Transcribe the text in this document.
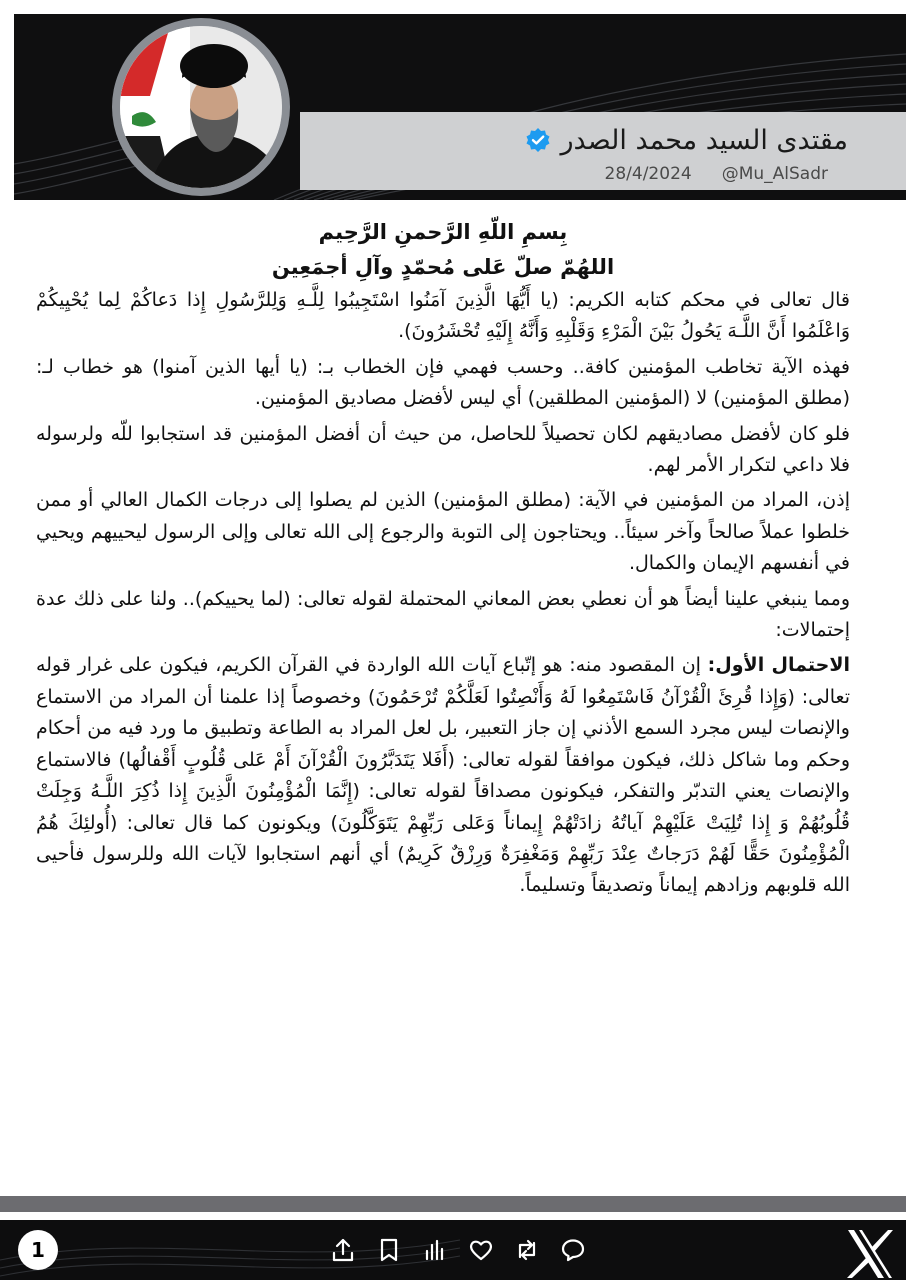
مقتدى السيد محمد الصدر
28/4/2024 @Mu_AlSadr
بِسمِ اللّهِ الرَّحمنِ الرَّحِيم
اللهُمّ صلّ عَلى مُحمّدٍ وآلِ أجمَعِين

قال تعالى في محكم كتابه الكريم: (يا أَيُّهَا الَّذِينَ آمَنُوا اسْتَجِيبُوا لِلَّـهِ وَلِلرَّسُولِ إِذا دَعاكُمْ لِما يُحْيِيكُمْ وَاعْلَمُوا أَنَّ اللَّـهَ يَحُولُ بَيْنَ الْمَرْءِ وَقَلْبِهِ وَأَنَّهُ إِلَيْهِ تُحْشَرُونَ).

فهذه الآية تخاطب المؤمنين كافة.. وحسب فهمي فإن الخطاب بـ: (يا أيها الذين آمنوا) هو خطاب لـ: (مطلق المؤمنين) لا (المؤمنين المطلقين) أي ليس لأفضل مصاديق المؤمنين.

فلو كان لأفضل مصاديقهم لكان تحصيلاً للحاصل، من حيث أن أفضل المؤمنين قد استجابوا للّه ولرسوله فلا داعي لتكرار الأمر لهم.

إذن، المراد من المؤمنين في الآية: (مطلق المؤمنين) الذين لم يصلوا إلى درجات الكمال العالي أو ممن خلطوا عملاً صالحاً وآخر سيئاً.. ويحتاجون إلى التوبة والرجوع إلى الله تعالى وإلى الرسول ليحييهم ويحيي في أنفسهم الإيمان والكمال.

ومما ينبغي علينا أيضاً هو أن نعطي بعض المعاني المحتملة لقوله تعالى: (لما يحييكم).. ولنا على ذلك عدة إحتمالات:

الاحتمال الأول: إن المقصود منه: هو إتّباع آيات الله الواردة في القرآن الكريم، فيكون على غرار قوله تعالى: (وَإِذا قُرِئَ الْقُرْآنُ فَاسْتَمِعُوا لَهُ وَأَنْصِتُوا لَعَلَّكُمْ تُرْحَمُونَ) وخصوصاً إذا علمنا أن المراد من الاستماع والإنصات ليس مجرد السمع الأذني إن جاز التعبير، بل لعل المراد به الطاعة وتطبيق ما ورد فيه من أحكام وحكم وما شاكل ذلك، فيكون موافقاً لقوله تعالى: (أَفَلا يَتَدَبَّرُونَ الْقُرْآنَ أَمْ عَلى قُلُوبٍ أَقْفالُها) فالاستماع والإنصات يعني التدبّر والتفكر، فيكونون مصداقاً لقوله تعالى: (إِنَّمَا الْمُؤْمِنُونَ الَّذِينَ إِذا ذُكِرَ اللَّـهُ وَجِلَتْ قُلُوبُهُمْ وَ إِذا تُلِيَتْ عَلَيْهِمْ آياتُهُ زادَتْهُمْ إِيماناً وَعَلى رَبِّهِمْ يَتَوَكَّلُونَ) ويكونون كما قال تعالى: (أُولئِكَ هُمُ الْمُؤْمِنُونَ حَقًّا لَهُمْ دَرَجاتٌ عِنْدَ رَبِّهِمْ وَمَغْفِرَةٌ وَرِزْقٌ كَرِيمٌ) أي أنهم استجابوا لآيات الله وللرسول فأحيى الله قلوبهم وزادهم إيماناً وتصديقاً وتسليماً.

1
